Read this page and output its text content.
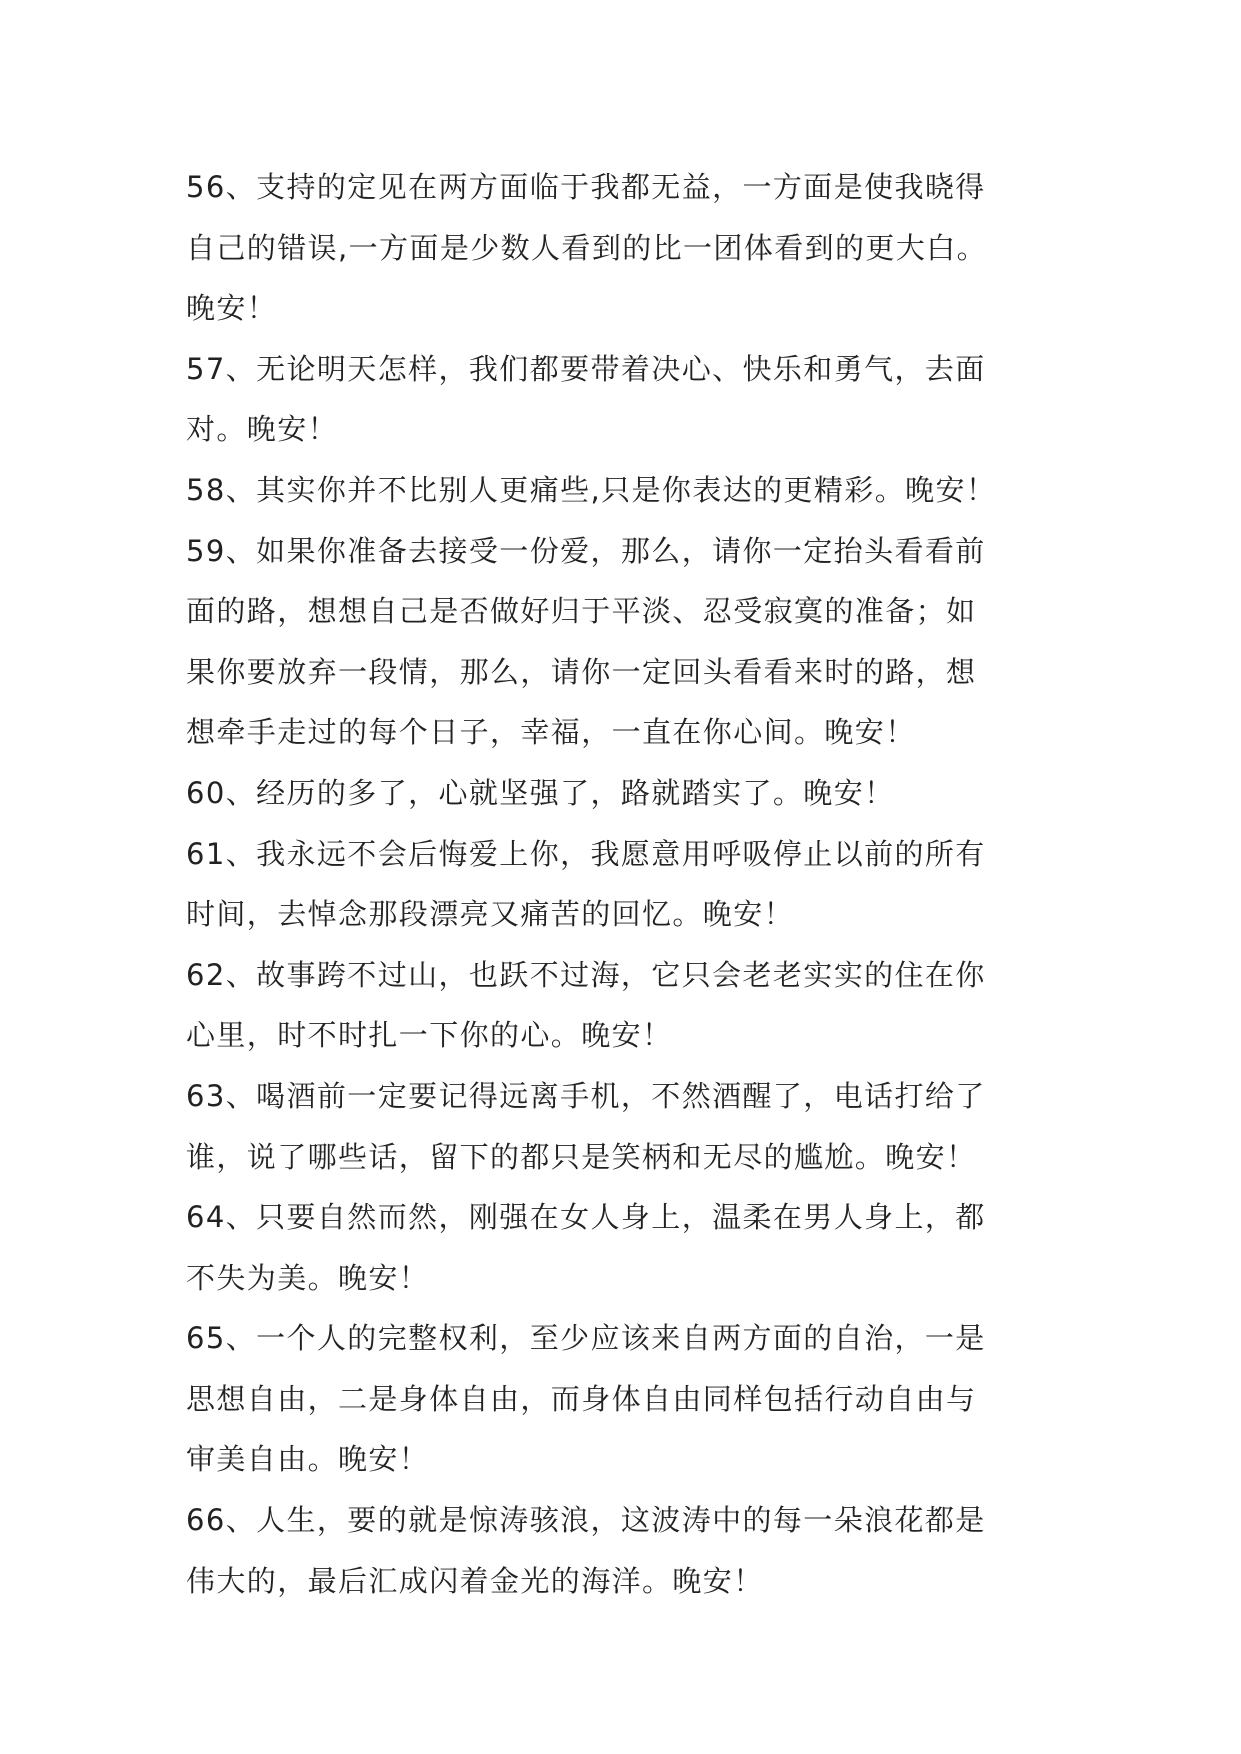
56、支持的定见在两方面临于我都无益，一方面是使我晓得
自己的错误,一方面是少数人看到的比一团体看到的更大白。
晚安！
57、无论明天怎样，我们都要带着决心、快乐和勇气，去面
对。晚安！
58、其实你并不比别人更痛些,只是你表达的更精彩。晚安！
59、如果你准备去接受一份爱，那么，请你一定抬头看看前
面的路，想想自己是否做好归于平淡、忍受寂寞的准备；如
果你要放弃一段情，那么，请你一定回头看看来时的路，想
想牵手走过的每个日子，幸福，一直在你心间。晚安！
60、经历的多了，心就坚强了，路就踏实了。晚安！
61、我永远不会后悔爱上你，我愿意用呼吸停止以前的所有
时间，去悼念那段漂亮又痛苦的回忆。晚安！
62、故事跨不过山，也跃不过海，它只会老老实实的住在你
心里，时不时扎一下你的心。晚安！
63、喝酒前一定要记得远离手机，不然酒醒了，电话打给了
谁，说了哪些话，留下的都只是笑柄和无尽的尴尬。晚安！
64、只要自然而然，刚强在女人身上，温柔在男人身上，都
不失为美。晚安！
65、一个人的完整权利，至少应该来自两方面的自治，一是
思想自由，二是身体自由，而身体自由同样包括行动自由与
审美自由。晚安！
66、人生，要的就是惊涛骇浪，这波涛中的每一朵浪花都是
伟大的，最后汇成闪着金光的海洋。晚安！
